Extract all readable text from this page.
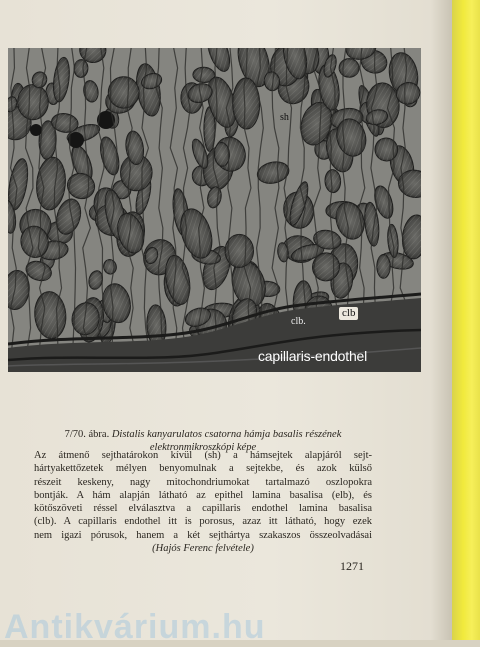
sh
clb.
clb
capillaris-endothel
7/70. ábra. Distalis kanyarulatos csatorna hámja basalis részének elektronmikroszkópi képe

Az átmenő sejthatárokon kívül (sh) a hámsejtek alapjáról sejt-
hártyakettőzetek mélyen benyomulnak a sejtekbe, és azok külső
részeit keskeny, nagy mitochondriumokat tartalmazó oszlopokra
bontják. A hám alapján látható az epithel lamina basalisa (elb), és
kötőszöveti réssel elválasztva a capillaris endothel lamina basalisa
(clb). A capillaris endothel itt is porosus, azaz itt látható, hogy ezek
nem igazi pórusok, hanem a két sejthártya szakaszos összeolvadásai
(Hajós Ferenc felvétele)

1271
Antikvárium.hu
